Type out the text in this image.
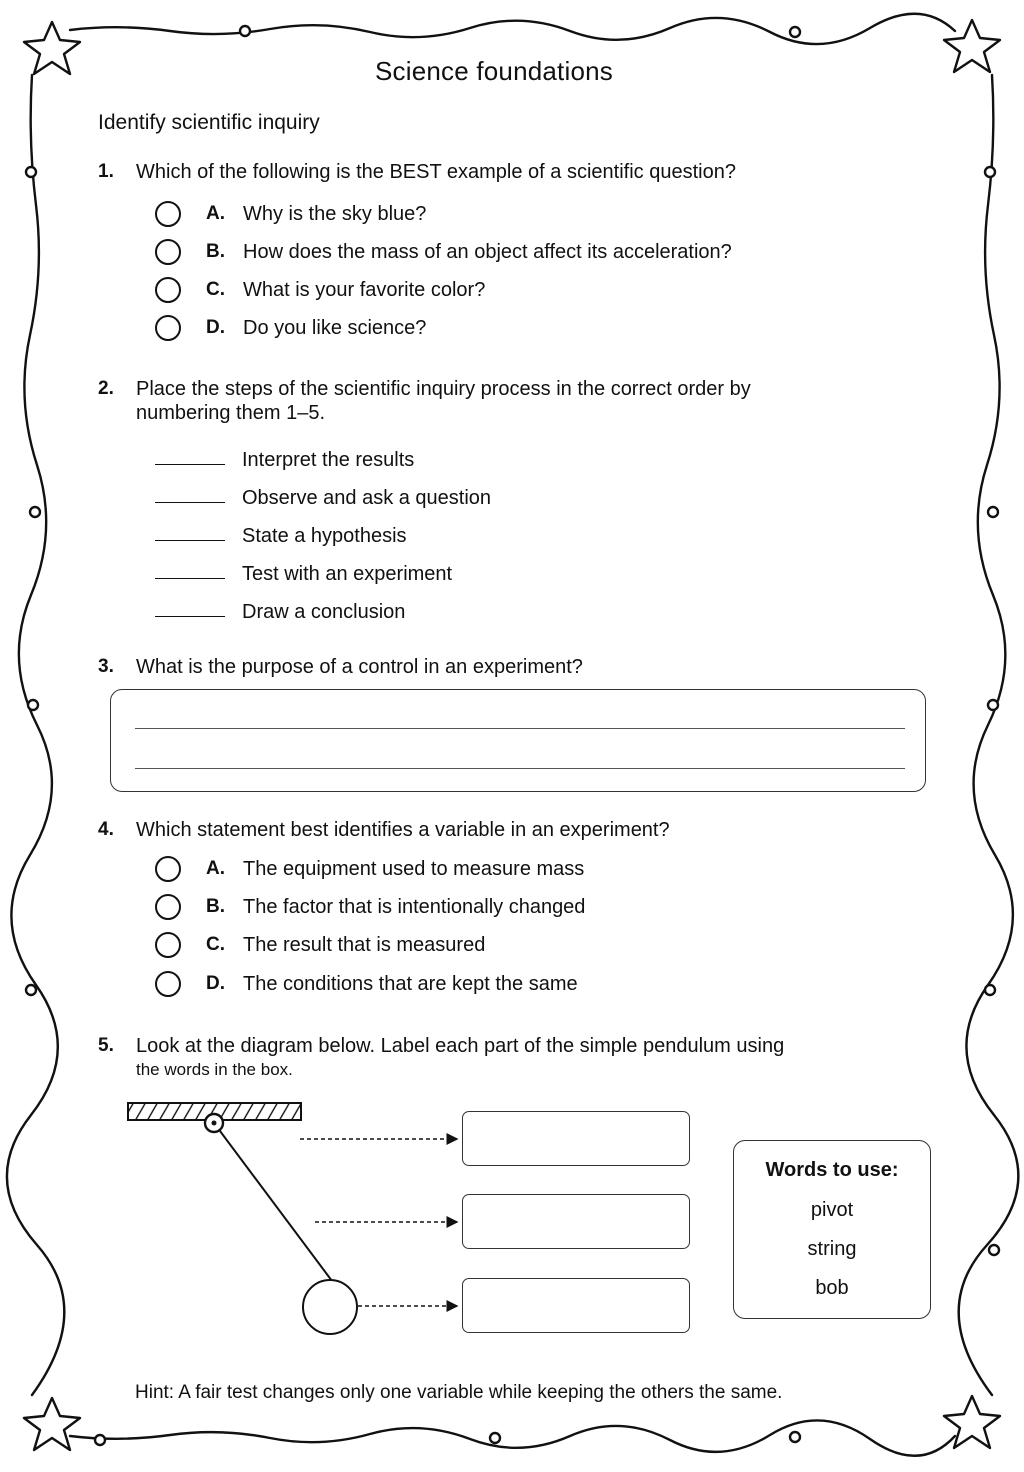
Science foundations
Identify scientific inquiry
1. Which of the following is the BEST example of a scientific question?
A. Why is the sky blue?
B. How does the mass of an object affect its acceleration?
C. What is your favorite color?
D. Do you like science?
2. Place the steps of the scientific inquiry process in the correct order by
numbering them 1–5.
Interpret the results
Observe and ask a question
State a hypothesis
Test with an experiment
Draw a conclusion
3. What is the purpose of a control in an experiment?
4. Which statement best identifies a variable in an experiment?
A. The equipment used to measure mass
B. The factor that is intentionally changed
C. The result that is measured
D. The conditions that are kept the same
5. Look at the diagram below. Label each part of the simple pendulum using
the words in the box.
Words to use:
pivot
string
bob
Hint: A fair test changes only one variable while keeping the others the same.
